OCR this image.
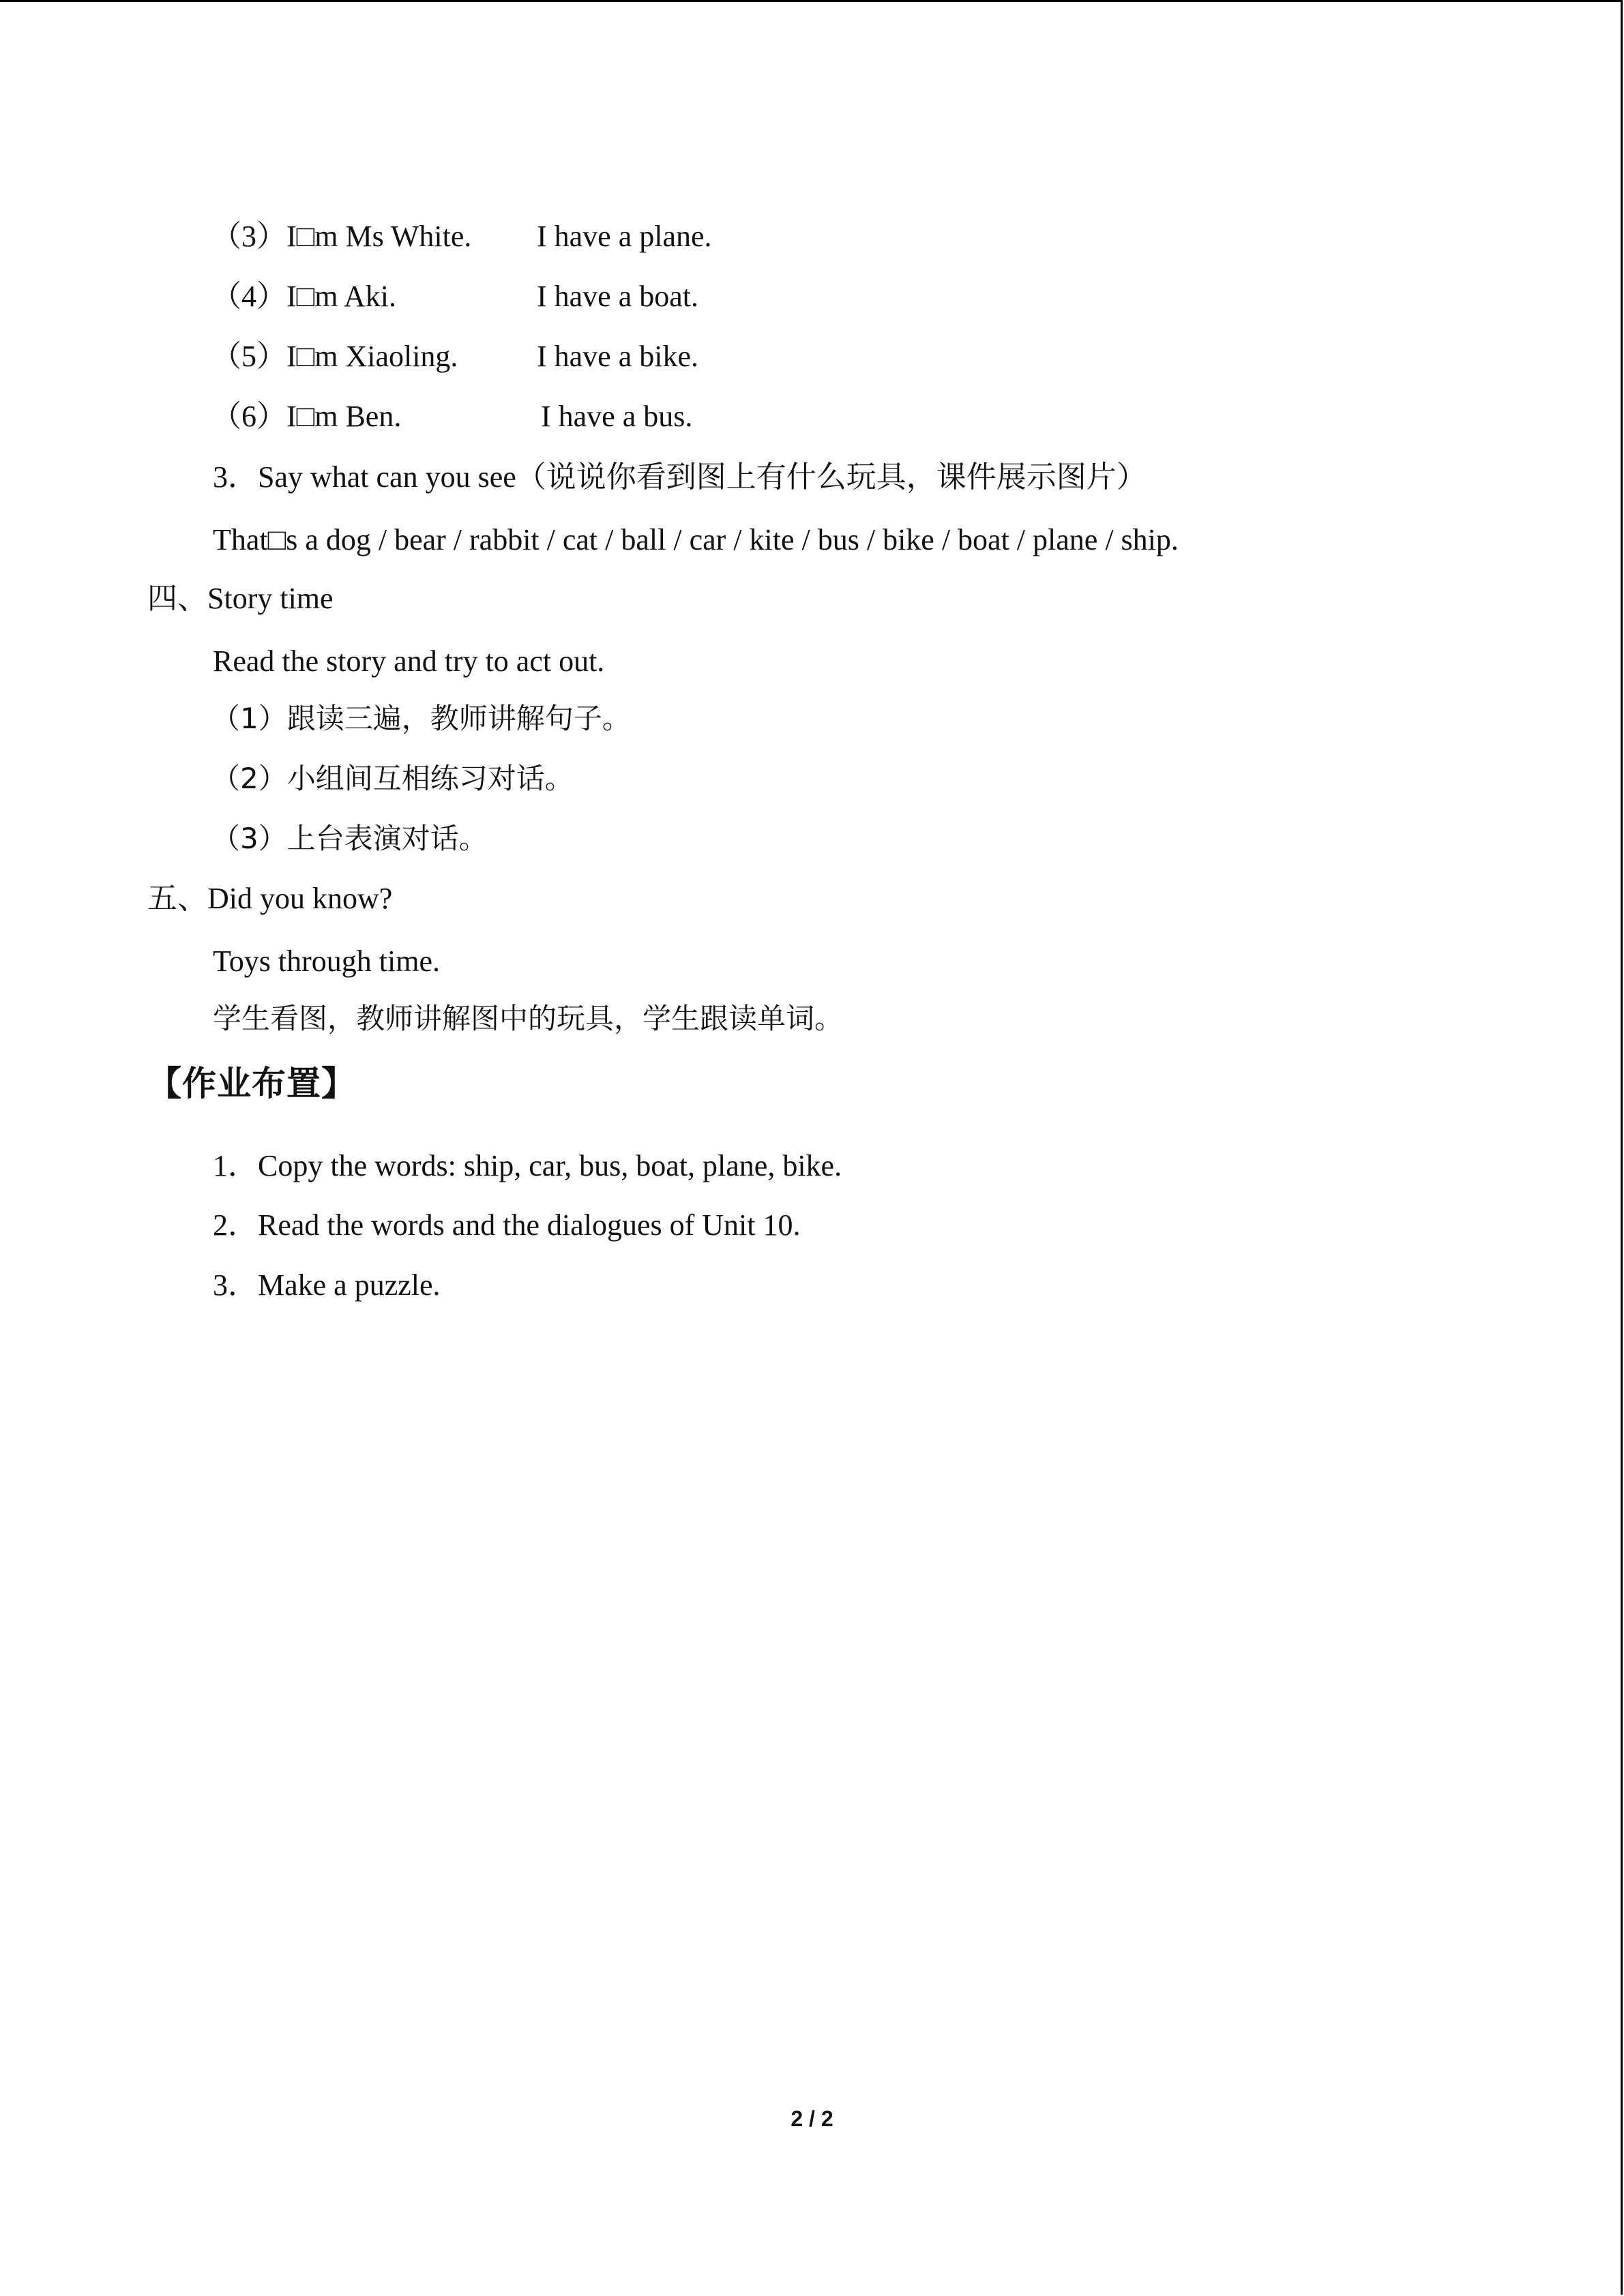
（3）I□m Ms White. I have a plane.
（4）I□m Aki.	I have a boat.
（5）I□m Xiaoling.	I have a bike.
（6）I□m Ben.	I have a bus.
3．Say what can you see（说说你看到图上有什么玩具，课件展示图片）
That□s a dog / bear / rabbit / cat / ball / car / kite / bus / bike / boat / plane / ship.
四、Story time
Read the story and try to act out.
（1）跟读三遍，教师讲解句子。
（2）小组间互相练习对话。
（3）上台表演对话。
五、Did you know?
Toys through time.
学生看图，教师讲解图中的玩具，学生跟读单词。
【作业布置】
1．Copy the words: ship, car, bus, boat, plane, bike.
2．Read the words and the dialogues of Unit 10.
3．Make a puzzle.
2 / 2
